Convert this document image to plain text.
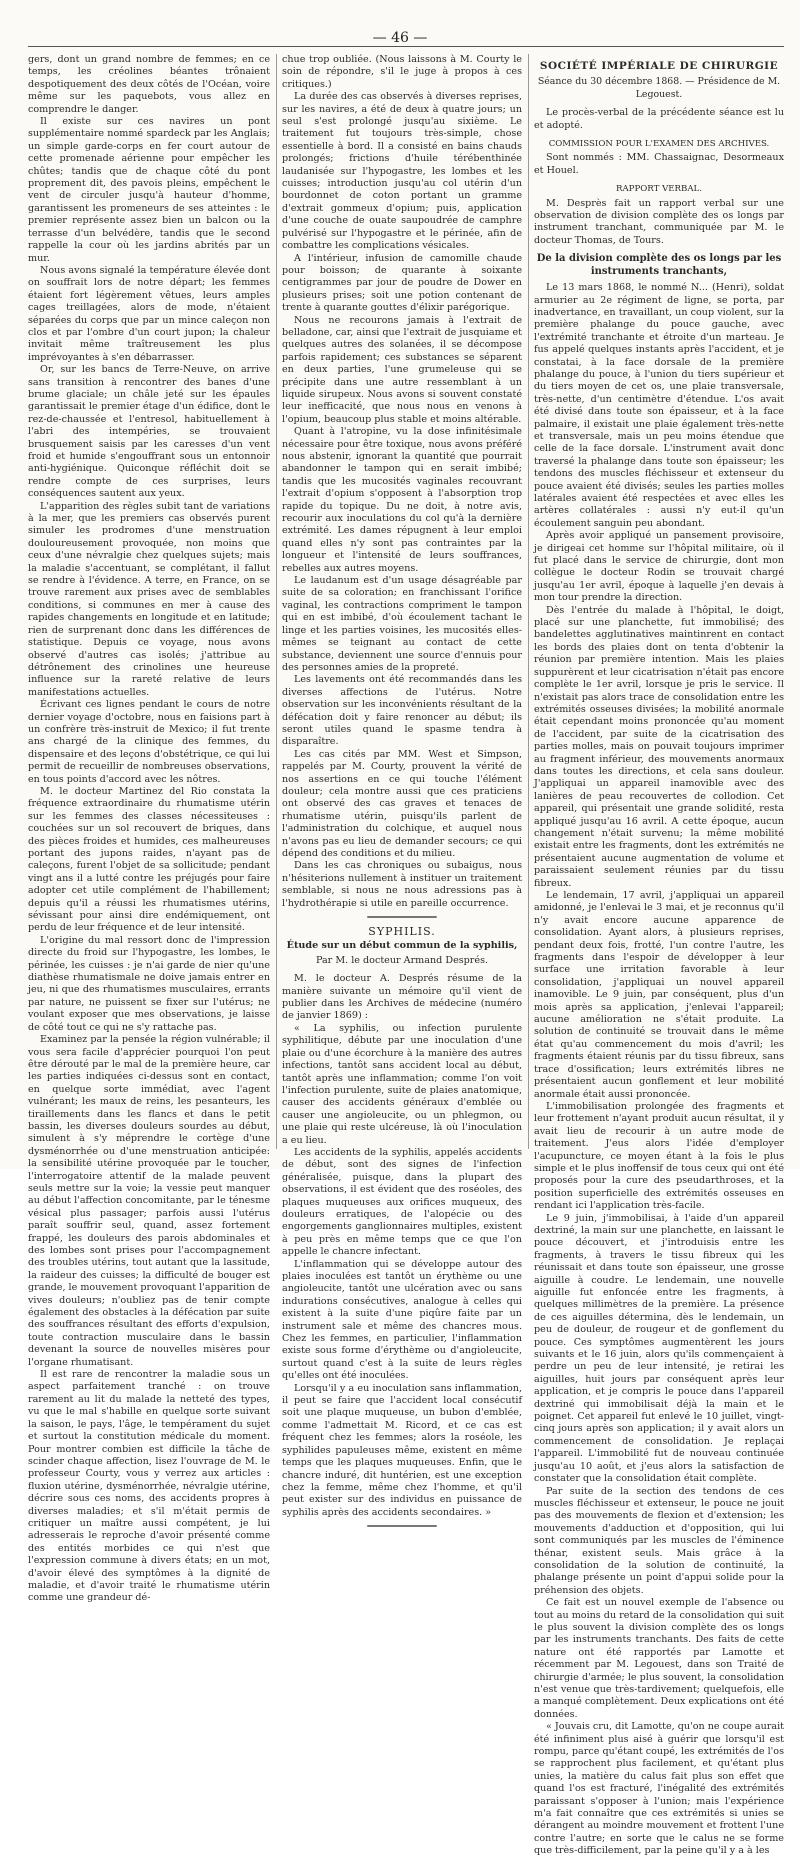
— 46 —

gers, dont un grand nombre de femmes; en ce temps, les créolines béantes trônaient despotiquement des deux côtés de l'Océan, voire même sur les paquebots, vous allez en comprendre le danger.

Il existe sur ces navires un pont supplémentaire nommé spardeck par les Anglais; un simple garde-corps en fer court autour de cette promenade aérienne pour empêcher les chûtes; tandis que de chaque côté du pont proprement dit, des pavois pleins, empêchent le vent de circuler jusqu'à hauteur d'homme, garantissent les promeneurs de ses atteintes : le premier représente assez bien un balcon ou la terrasse d'un belvédère, tandis que le second rappelle la cour où les jardins abrités par un mur.

Nous avons signalé la température élevée dont on souffrait lors de notre départ; les femmes étaient fort légèrement vêtues, leurs amples cages treillagées, alors de mode, n'étaient séparées du corps que par un mince caleçon non clos et par l'ombre d'un court jupon; la chaleur invitait même traîtreusement les plus imprévoyantes à s'en débarrasser.

Or, sur les bancs de Terre-Neuve, on arrive sans transition à rencontrer des banes d'une brume glaciale; un châle jeté sur les épaules garantissait le premier étage d'un édifice, dont le rez-de-chaussée et l'entresol, habituellement à l'abri des intempéries, se trouvaient brusquement saisis par les caresses d'un vent froid et humide s'engouffrant sous un entonnoir anti-hygiénique. Quiconque réfléchit doit se rendre compte de ces surprises, leurs conséquences sautent aux yeux.

L'apparition des règles subit tant de variations à la mer, que les premiers cas observés purent simuler les prodromes d'une menstruation douloureusement provoquée, non moins que ceux d'une névralgie chez quelques sujets; mais la maladie s'accentuant, se complétant, il fallut se rendre à l'évidence. A terre, en France, on se trouve rarement aux prises avec de semblables conditions, si communes en mer à cause des rapides changements en longitude et en latitude; rien de surprenant donc dans les différences de statistique. Depuis ce voyage, nous avons observé d'autres cas isolés; j'attribue au détrônement des crinolines une heureuse influence sur la rareté relative de leurs manifestations actuelles.

Écrivant ces lignes pendant le cours de notre dernier voyage d'octobre, nous en faisions part à un confrère très-instruit de Mexico; il fut trente ans chargé de la clinique des femmes, du dispensaire et des leçons d'obstétrique, ce qui lui permit de recueillir de nombreuses observations, en tous points d'accord avec les nôtres.

M. le docteur Martinez del Rio constata la fréquence extraordinaire du rhumatisme utérin sur les femmes des classes nécessiteuses : couchées sur un sol recouvert de briques, dans des pièces froides et humides, ces malheureuses portant des jupons raides, n'ayant pas de caleçons, furent l'objet de sa sollicitude; pendant vingt ans il a lutté contre les préjugés pour faire adopter cet utile complément de l'habillement; depuis qu'il a réussi les rhumatismes utérins, sévissant pour ainsi dire endémiquement, ont perdu de leur fréquence et de leur intensité.

L'origine du mal ressort donc de l'impression directe du froid sur l'hypogastre, les lombes, le périnée, les cuisses : je n'ai garde de nier qu'une diathèse rhumatismale ne doive jamais entrer en jeu, ni que des rhumatismes musculaires, errants par nature, ne puissent se fixer sur l'utérus; ne voulant exposer que mes observations, je laisse de côté tout ce qui ne s'y rattache pas.

Examinez par la pensée la région vulnérable; il vous sera facile d'apprécier pourquoi l'on peut être dérouté par le mal de la première heure, car les parties indiquées ci-dessus sont en contact, en quelque sorte immédiat, avec l'agent vulnérant; les maux de reins, les pesanteurs, les tiraillements dans les flancs et dans le petit bassin, les diverses douleurs sourdes au début, simulent à s'y méprendre le cortège d'une dysménorrhée ou d'une menstruation anticipée: la sensibilité utérine provoquée par le toucher, l'interrogatoire attentif de la malade peuvent seuls mettre sur la voie; la vessie peut manquer au début l'affection concomitante, par le ténesme vésical plus passager; parfois aussi l'utérus paraît souffrir seul, quand, assez fortement frappé, les douleurs des parois abdominales et des lombes sont prises pour l'accompagnement des troubles utérins, tout autant que la lassitude, la raideur des cuisses; la difficulté de bouger est grande, le mouvement provoquant l'apparition de vives douleurs; n'oubliez pas de tenir compte également des obstacles à la défécation par suite des souffrances résultant des efforts d'expulsion, toute contraction musculaire dans le bassin devenant la source de nouvelles misères pour l'organe rhumatisant.

Il est rare de rencontrer la maladie sous un aspect parfaitement tranché : on trouve rarement au lit du malade la netteté des types, vu que le mal s'habille en quelque sorte suivant la saison, le pays, l'âge, le tempérament du sujet et surtout la constitution médicale du moment. Pour montrer combien est difficile la tâche de scinder chaque affection, lisez l'ouvrage de M. le professeur Courty, vous y verrez aux articles : fluxion utérine, dysménorrhée, névralgie utérine, décrire sous ces noms, des accidents propres à diverses maladies; et s'il m'était permis de critiquer un maître aussi compétent, je lui adresserais le reproche d'avoir présenté comme des entités morbides ce qui n'est que l'expression commune à divers états; en un mot, d'avoir élevé des symptômes à la dignité de maladie, et d'avoir traité le rhumatisme utérin comme une grandeur dé-

chue trop oubliée. (Nous laissons à M. Courty le soin de répondre, s'il le juge à propos à ces critiques.)

La durée des cas observés à diverses reprises, sur les navires, a été de deux à quatre jours; un seul s'est prolongé jusqu'au sixième. Le traitement fut toujours très-simple, chose essentielle à bord. Il a consisté en bains chauds prolongés; frictions d'huile térébenthinée laudanisée sur l'hypogastre, les lombes et les cuisses; introduction jusqu'au col utérin d'un bourdonnet de coton portant un gramme d'extrait gommeux d'opium; puis, application d'une couche de ouate saupoudrée de camphre pulvérisé sur l'hypogastre et le périnée, afin de combattre les complications vésicales.

A l'intérieur, infusion de camomille chaude pour boisson; de quarante à soixante centigrammes par jour de poudre de Dower en plusieurs prises; soit une potion contenant de trente à quarante gouttes d'élixir parégorique.

Nous ne recourons jamais à l'extrait de belladone, car, ainsi que l'extrait de jusquiame et quelques autres des solanées, il se décompose parfois rapidement; ces substances se séparent en deux parties, l'une grumeleuse qui se précipite dans une autre ressemblant à un liquide sirupeux. Nous avons si souvent constaté leur inefficacité, que nous nous en venons à l'opium, beaucoup plus stable et moins altérable.

Quant à l'atropine, vu la dose infinitésimale nécessaire pour être toxique, nous avons préféré nous abstenir, ignorant la quantité que pourrait abandonner le tampon qui en serait imbibé; tandis que les mucosités vaginales recouvrant l'extrait d'opium s'opposent à l'absorption trop rapide du topique. Du ne doit, à notre avis, recourir aux inoculations du col qu'à la dernière extrémité. Les dames répugnent à leur emploi quand elles n'y sont pas contraintes par la longueur et l'intensité de leurs souffrances, rebelles aux autres moyens.

Le laudanum est d'un usage désagréable par suite de sa coloration; en franchissant l'orifice vaginal, les contractions compriment le tampon qui en est imbibé, d'où écoulement tachant le linge et les parties voisines, les mucosités elles-mêmes se teignant au contact de cette substance, deviennent une source d'ennuis pour des personnes amies de la propreté.

Les lavements ont été recommandés dans les diverses affections de l'utérus. Notre observation sur les inconvénients résultant de la défécation doit y faire renoncer au début; ils seront utiles quand le spasme tendra à disparaître.

Les cas cités par MM. West et Simpson, rappelés par M. Courty, prouvent la vérité de nos assertions en ce qui touche l'élément douleur; cela montre aussi que ces praticiens ont observé des cas graves et tenaces de rhumatisme utérin, puisqu'ils parlent de l'administration du colchique, et auquel nous n'avons pas eu lieu de demander secours; ce qui dépend des conditions et du milieu.

Dans les cas chroniques ou subaigus, nous n'hésiterions nullement à instituer un traitement semblable, si nous ne nous adressions pas à l'hydrothérapie si utile en pareille occurrence.

SYPHILIS.
Étude sur un début commun de la syphilis,
Par M. le docteur Armand Després.

M. le docteur A. Després résume de la manière suivante un mémoire qu'il vient de publier dans les Archives de médecine (numéro de janvier 1869) :

« La syphilis, ou infection purulente syphilitique, débute par une inoculation d'une plaie ou d'une écorchure à la manière des autres infections, tantôt sans accident local au début, tantôt après une inflammation; comme l'on voit l'infection purulente, suite de plaies anatomique, causer des accidents généraux d'emblée ou causer une angioleucite, ou un phlegmon, ou une plaie qui reste ulcéreuse, là où l'inoculation a eu lieu.

Les accidents de la syphilis, appelés accidents de début, sont des signes de l'infection généralisée, puisque, dans la plupart des observations, il est évident que des roséoles, des plaques muqueuses aux orifices muqueux, des douleurs erratiques, de l'alopécie ou des engorgements ganglionnaires multiples, existent à peu près en même temps que ce que l'on appelle le chancre infectant.

L'inflammation qui se développe autour des plaies inoculées est tantôt un érythème ou une angioleucite, tantôt une ulcération avec ou sans indurations consécutives, analogue à celles qui existent à la suite d'une piqûre faite par un instrument sale et même des chancres mous. Chez les femmes, en particulier, l'inflammation existe sous forme d'érythème ou d'angioleucite, surtout quand c'est à la suite de leurs règles qu'elles ont été inoculées.

Lorsqu'il y a eu inoculation sans inflammation, il peut se faire que l'accident local consécutif soit une plaque muqueuse, un bubon d'emblée, comme l'admettait M. Ricord, et ce cas est fréquent chez les femmes; alors la roséole, les syphilides papuleuses même, existent en même temps que les plaques muqueuses. Enfin, que le chancre induré, dit huntérien, est une exception chez la femme, même chez l'homme, et qu'il peut exister sur des individus en puissance de syphilis après des accidents secondaires. »

SOCIÉTÉ IMPÉRIALE DE CHIRURGIE
Séance du 30 décembre 1868. — Présidence de M. Legouest.

Le procès-verbal de la précédente séance est lu et adopté.

COMMISSION POUR L'EXAMEN DES ARCHIVES.

Sont nommés : MM. Chassaignac, Desormeaux et Houel.

RAPPORT VERBAL.

M. Desprès fait un rapport verbal sur une observation de division complète des os longs par instrument tranchant, communiquée par M. le docteur Thomas, de Tours.

De la division complète des os longs par les instruments tranchants,

Le 13 mars 1868, le nommé N... (Henri), soldat armurier au 2e régiment de ligne, se porta, par inadvertance, en travaillant, un coup violent, sur la première phalange du pouce gauche, avec l'extrémité tranchante et étroite d'un marteau. Je fus appelé quelques instants après l'accident, et je constatai, à la face dorsale de la première phalange du pouce, à l'union du tiers supérieur et du tiers moyen de cet os, une plaie transversale, très-nette, d'un centimètre d'étendue. L'os avait été divisé dans toute son épaisseur, et à la face palmaire, il existait une plaie également très-nette et transversale, mais un peu moins étendue que celle de la face dorsale. L'instrument avait donc traversé la phalange dans toute son épaisseur; les tendons des muscles fléchisseur et extenseur du pouce avaient été divisés; seules les parties molles latérales avaient été respectées et avec elles les artères collatérales : aussi n'y eut-il qu'un écoulement sanguin peu abondant.

Après avoir appliqué un pansement provisoire, je dirigeai cet homme sur l'hôpital militaire, où il fut placé dans le service de chirurgie, dont mon collègue le docteur Rodin se trouvait chargé jusqu'au 1er avril, époque à laquelle j'en devais à mon tour prendre la direction.

Dès l'entrée du malade à l'hôpital, le doigt, placé sur une planchette, fut immobilisé; des bandelettes agglutinatives maintinrent en contact les bords des plaies dont on tenta d'obtenir la réunion par première intention. Mais les plaies suppurèrent et leur cicatrisation n'était pas encore complète le 1er avril, lorsque je pris le service. Il n'existait pas alors trace de consolidation entre les extrémités osseuses divisées; la mobilité anormale était cependant moins prononcée qu'au moment de l'accident, par suite de la cicatrisation des parties molles, mais on pouvait toujours imprimer au fragment inférieur, des mouvements anormaux dans toutes les directions, et cela sans douleur. J'appliquai un appareil inamovible avec des lanières de peau recouvertes de collodion. Cet appareil, qui présentait une grande solidité, resta appliqué jusqu'au 16 avril. A cette époque, aucun changement n'était survenu; la même mobilité existait entre les fragments, dont les extrémités ne présentaient aucune augmentation de volume et paraissaient seulement réunies par du tissu fibreux.

Le lendemain, 17 avril, j'appliquai un appareil amidonné, je l'enlevai le 3 mai, et je reconnus qu'il n'y avait encore aucune apparence de consolidation. Ayant alors, à plusieurs reprises, pendant deux fois, frotté, l'un contre l'autre, les fragments dans l'espoir de développer à leur surface une irritation favorable à leur consolidation, j'appliquai un nouvel appareil inamovible. Le 9 juin, par conséquent, plus d'un mois après sa application, j'enlevai l'appareil; aucune amélioration ne s'était produite. La solution de continuité se trouvait dans le même état qu'au commencement du mois d'avril; les fragments étaient réunis par du tissu fibreux, sans trace d'ossification; leurs extrémités libres ne présentaient aucun gonflement et leur mobilité anormale était aussi prononcée.

L'immobilisation prolongée des fragments et leur frottement n'ayant produit aucun résultat, il y avait lieu de recourir à un autre mode de traitement. J'eus alors l'idée d'employer l'acupuncture, ce moyen étant à la fois le plus simple et le plus inoffensif de tous ceux qui ont été proposés pour la cure des pseudarthroses, et la position superficielle des extrémités osseuses en rendant ici l'application très-facile.

Le 9 juin, j'immobilisai, à l'aide d'un appareil dextriné, la main sur une planchette, en laissant le pouce découvert, et j'introduisis entre les fragments, à travers le tissu fibreux qui les réunissait et dans toute son épaisseur, une grosse aiguille à coudre. Le lendemain, une nouvelle aiguille fut enfoncée entre les fragments, à quelques millimètres de la première. La présence de ces aiguilles détermina, dès le lendemain, un peu de douleur, de rougeur et de gonflement du pouce. Ces symptômes augmentèrent les jours suivants et le 16 juin, alors qu'ils commençaient à perdre un peu de leur intensité, je retirai les aiguilles, huit jours par conséquent après leur application, et je compris le pouce dans l'appareil dextriné qui immobilisait déjà la main et le poignet. Cet appareil fut enlevé le 10 juillet, vingt-cinq jours après son application; il y avait alors un commencement de consolidation. Je replaçai l'appareil. L'immobilité fut de nouveau continuée jusqu'au 10 août, et j'eus alors la satisfaction de constater que la consolidation était complète.

Par suite de la section des tendons de ces muscles fléchisseur et extenseur, le pouce ne jouit pas des mouvements de flexion et d'extension; les mouvements d'adduction et d'opposition, qui lui sont communiqués par les muscles de l'éminence thénar, existent seuls. Mais grâce à la consolidation de la solution de continuité, la phalange présente un point d'appui solide pour la préhension des objets.

Ce fait est un nouvel exemple de l'absence ou tout au moins du retard de la consolidation qui suit le plus souvent la division complète des os longs par les instruments tranchants. Des faits de cette nature ont été rapportés par Lamotte et récemment par M. Legouest, dans son Traité de chirurgie d'armée; le plus souvent, la consolidation n'est venue que très-tardivement; quelquefois, elle a manqué complètement. Deux explications ont été données.

« Jouvais cru, dit Lamotte, qu'on ne coupe aurait été infiniment plus aisé à guérir que lorsqu'il est rompu, parce qu'étant coupé, les extrémités de l'os se rapprochent plus facilement, et qu'étant plus unies, la matière du calus fait plus son effet que quand l'os est fracturé, l'inégalité des extrémités paraissant s'opposer à l'union; mais l'expérience m'a fait connaître que ces extrémités si unies se dérangent au moindre mouvement et frottent l'une contre l'autre; en sorte que le calus ne se forme que très-difficilement, par la peine qu'il y a à les
